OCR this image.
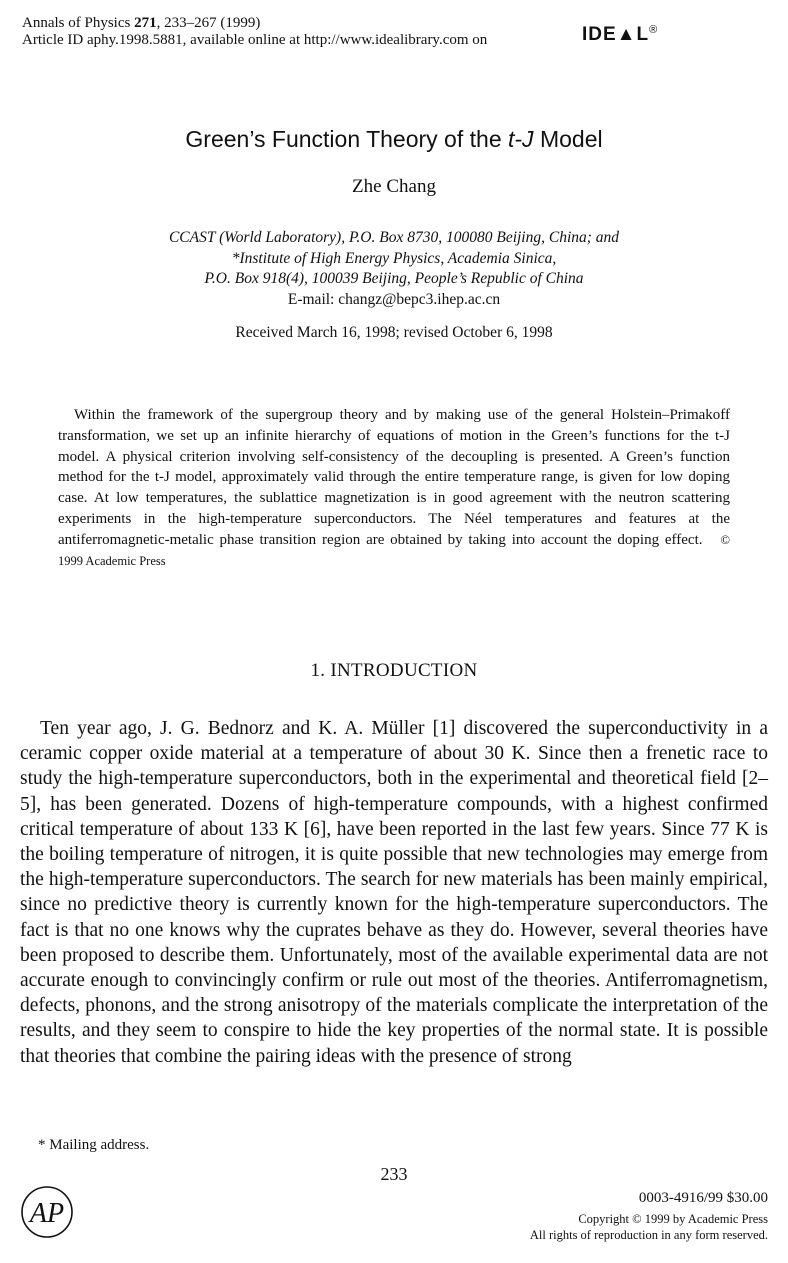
Annals of Physics 271, 233–267 (1999)
Article ID aphy.1998.5881, available online at http://www.idealibrary.com on	IDE▲L®
Green’s Function Theory of the t-J Model
Zhe Chang
CCAST (World Laboratory), P.O. Box 8730, 100080 Beijing, China; and
*Institute of High Energy Physics, Academia Sinica,
P.O. Box 918(4), 100039 Beijing, People’s Republic of China
E-mail: changz@bepc3.ihep.ac.cn
Received March 16, 1998; revised October 6, 1998
Within the framework of the supergroup theory and by making use of the general Holstein–Primakoff transformation, we set up an infinite hierarchy of equations of motion in the Green’s functions for the t-J model. A physical criterion involving self-consistency of the decoupling is presented. A Green’s function method for the t-J model, approximately valid through the entire temperature range, is given for low doping case. At low temperatures, the sublattice magnetization is in good agreement with the neutron scattering experiments in the high-temperature superconductors. The Néel temperatures and features at the antiferromagnetic-metalic phase transition region are obtained by taking into account the doping effect. © 1999 Academic Press
1. INTRODUCTION
Ten year ago, J. G. Bednorz and K. A. Müller [1] discovered the superconductivity in a ceramic copper oxide material at a temperature of about 30 K. Since then a frenetic race to study the high-temperature superconductors, both in the experimental and theoretical field [2–5], has been generated. Dozens of high-temperature compounds, with a highest confirmed critical temperature of about 133 K [6], have been reported in the last few years. Since 77 K is the boiling temperature of nitrogen, it is quite possible that new technologies may emerge from the high-temperature superconductors. The search for new materials has been mainly empirical, since no predictive theory is currently known for the high-temperature superconductors. The fact is that no one knows why the cuprates behave as they do. However, several theories have been proposed to describe them. Unfortunately, most of the available experimental data are not accurate enough to convincingly confirm or rule out most of the theories. Antiferromagnetism, defects, phonons, and the strong anisotropy of the materials complicate the interpretation of the results, and they seem to conspire to hide the key properties of the normal state. It is possible that theories that combine the pairing ideas with the presence of strong
* Mailing address.
233
AP	0003-4916/99 $30.00
Copyright © 1999 by Academic Press
All rights of reproduction in any form reserved.
